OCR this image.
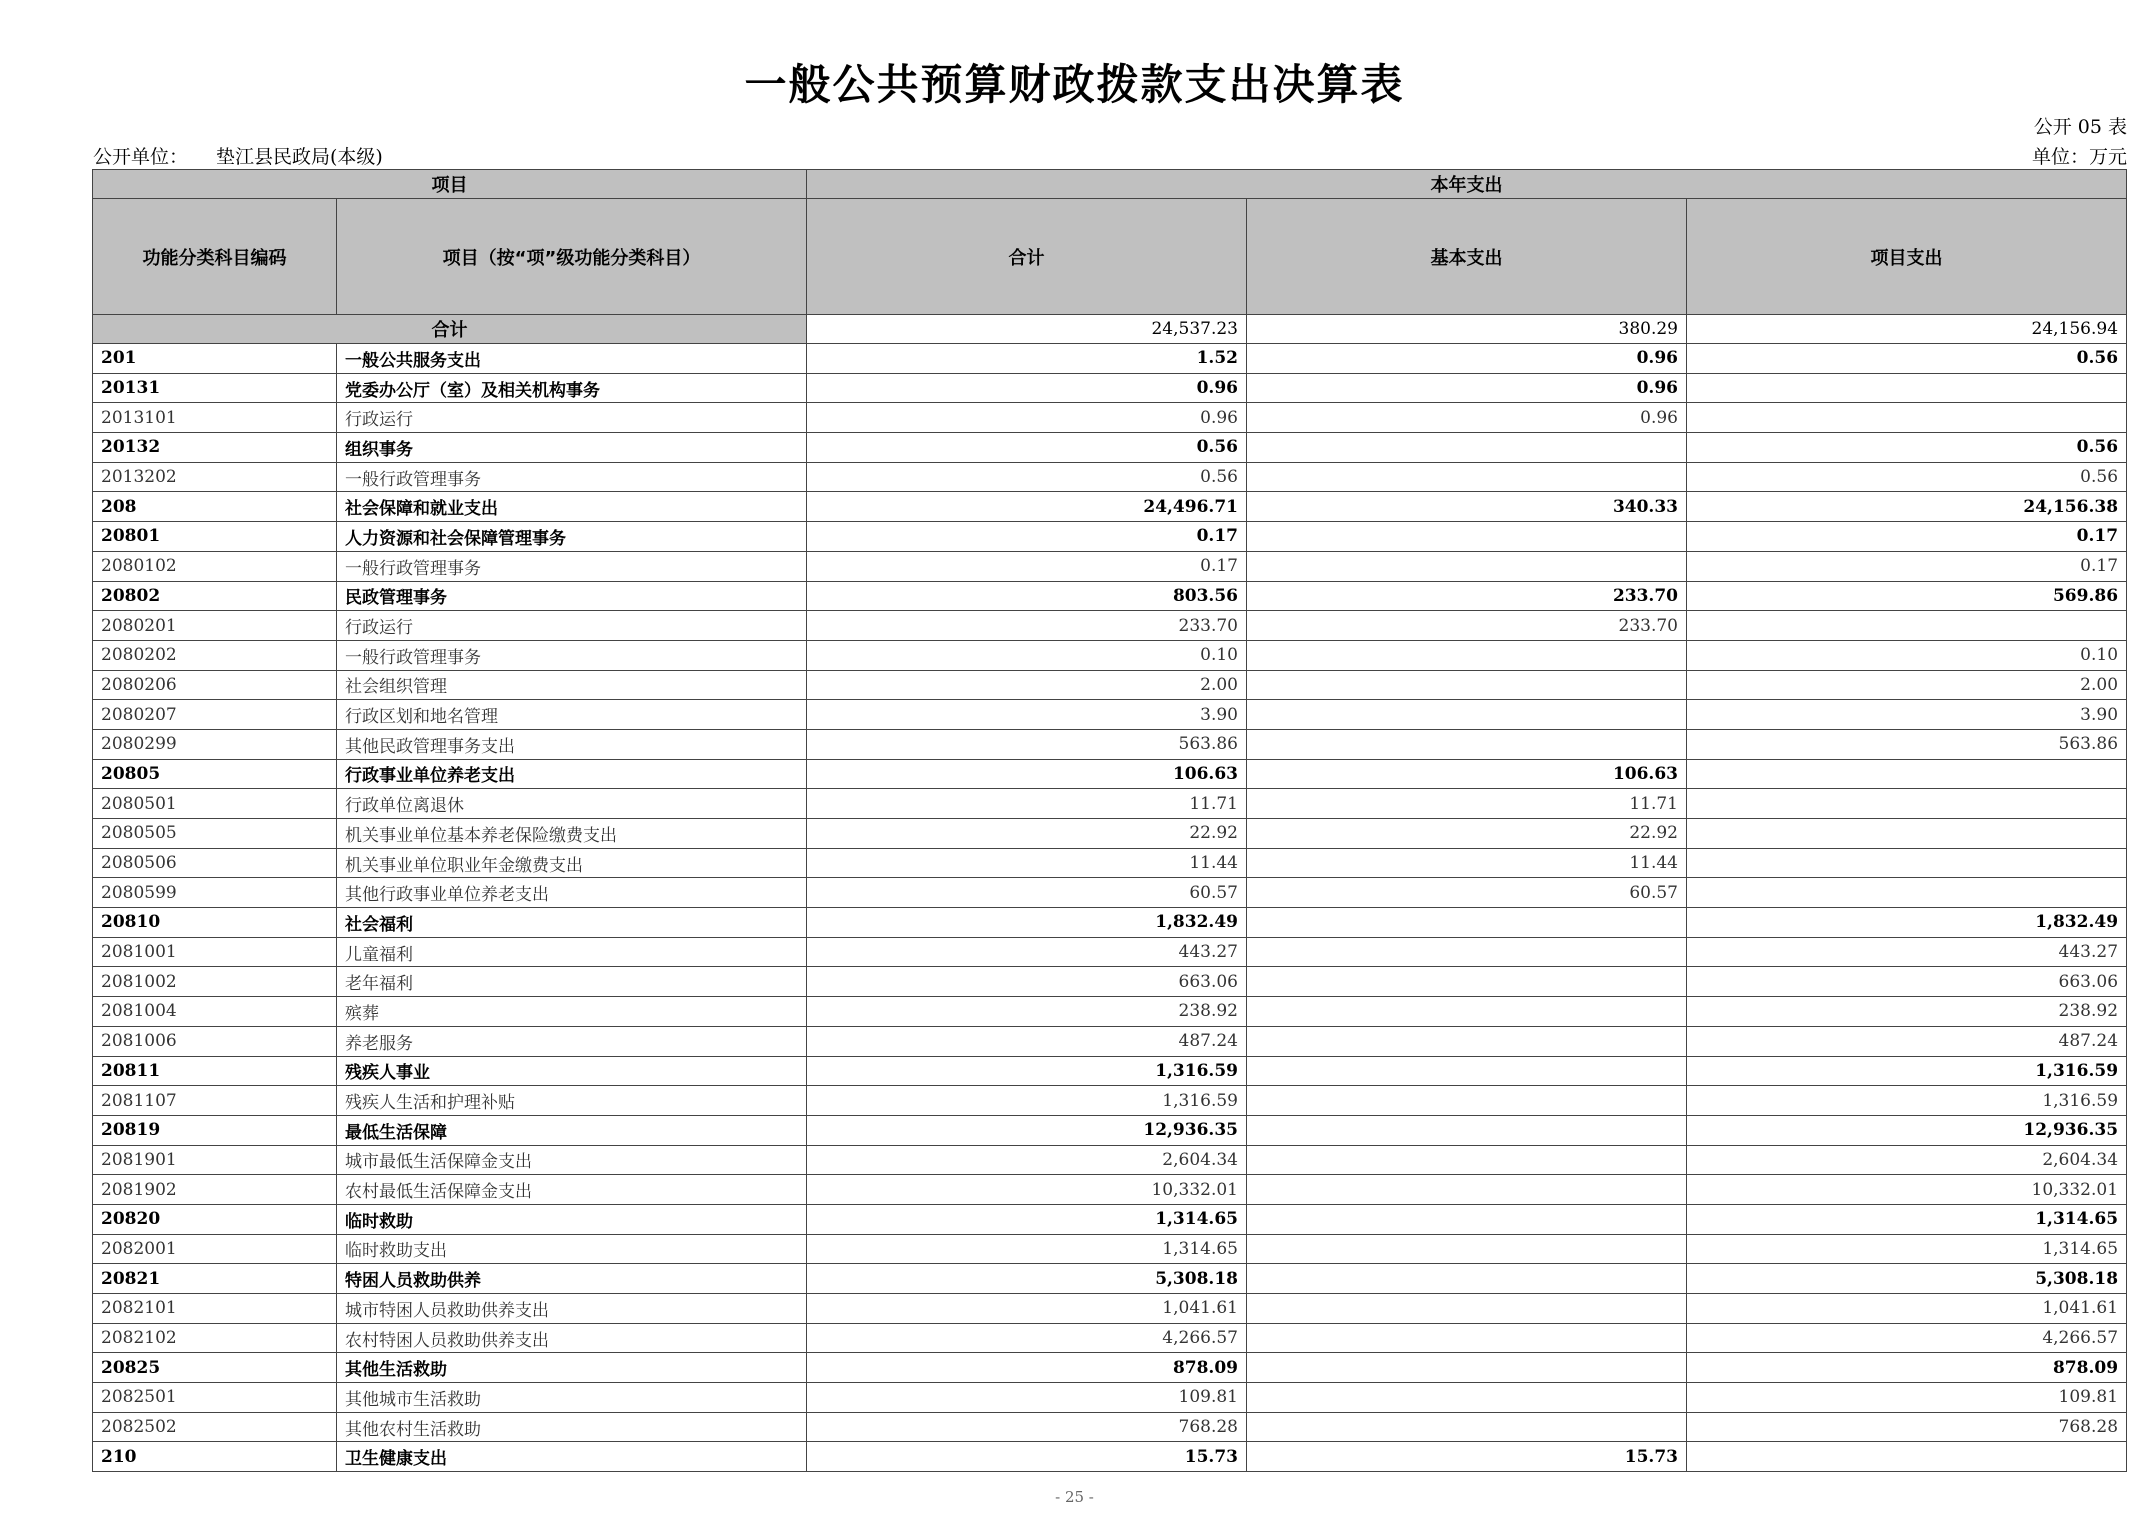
一般公共预算财政拨款支出决算表
公开 05 表
公开单位： 垫江县民政局(本级)	单位：万元
项目		本年支出		
功能分类科目编码	项目（按“项”级功能分类科目）	合计	基本支出	项目支出
合计		24,537.23	380.29	24,156.94
201	一般公共服务支出	1.52	0.96	0.56
20131	党委办公厅（室）及相关机构事务	0.96	0.96	
2013101	行政运行	0.96	0.96	
20132	组织事务	0.56		0.56
2013202	一般行政管理事务	0.56		0.56
208	社会保障和就业支出	24,496.71	340.33	24,156.38
20801	人力资源和社会保障管理事务	0.17		0.17
2080102	一般行政管理事务	0.17		0.17
20802	民政管理事务	803.56	233.70	569.86
2080201	行政运行	233.70	233.70	
2080202	一般行政管理事务	0.10		0.10
2080206	社会组织管理	2.00		2.00
2080207	行政区划和地名管理	3.90		3.90
2080299	其他民政管理事务支出	563.86		563.86
20805	行政事业单位养老支出	106.63	106.63	
2080501	行政单位离退休	11.71	11.71	
2080505	机关事业单位基本养老保险缴费支出	22.92	22.92	
2080506	机关事业单位职业年金缴费支出	11.44	11.44	
2080599	其他行政事业单位养老支出	60.57	60.57	
20810	社会福利	1,832.49		1,832.49
2081001	儿童福利	443.27		443.27
2081002	老年福利	663.06		663.06
2081004	殡葬	238.92		238.92
2081006	养老服务	487.24		487.24
20811	残疾人事业	1,316.59		1,316.59
2081107	残疾人生活和护理补贴	1,316.59		1,316.59
20819	最低生活保障	12,936.35		12,936.35
2081901	城市最低生活保障金支出	2,604.34		2,604.34
2081902	农村最低生活保障金支出	10,332.01		10,332.01
20820	临时救助	1,314.65		1,314.65
2082001	临时救助支出	1,314.65		1,314.65
20821	特困人员救助供养	5,308.18		5,308.18
2082101	城市特困人员救助供养支出	1,041.61		1,041.61
2082102	农村特困人员救助供养支出	4,266.57		4,266.57
20825	其他生活救助	878.09		878.09
2082501	其他城市生活救助	109.81		109.81
2082502	其他农村生活救助	768.28		768.28
210	卫生健康支出	15.73	15.73	
- 25 -
